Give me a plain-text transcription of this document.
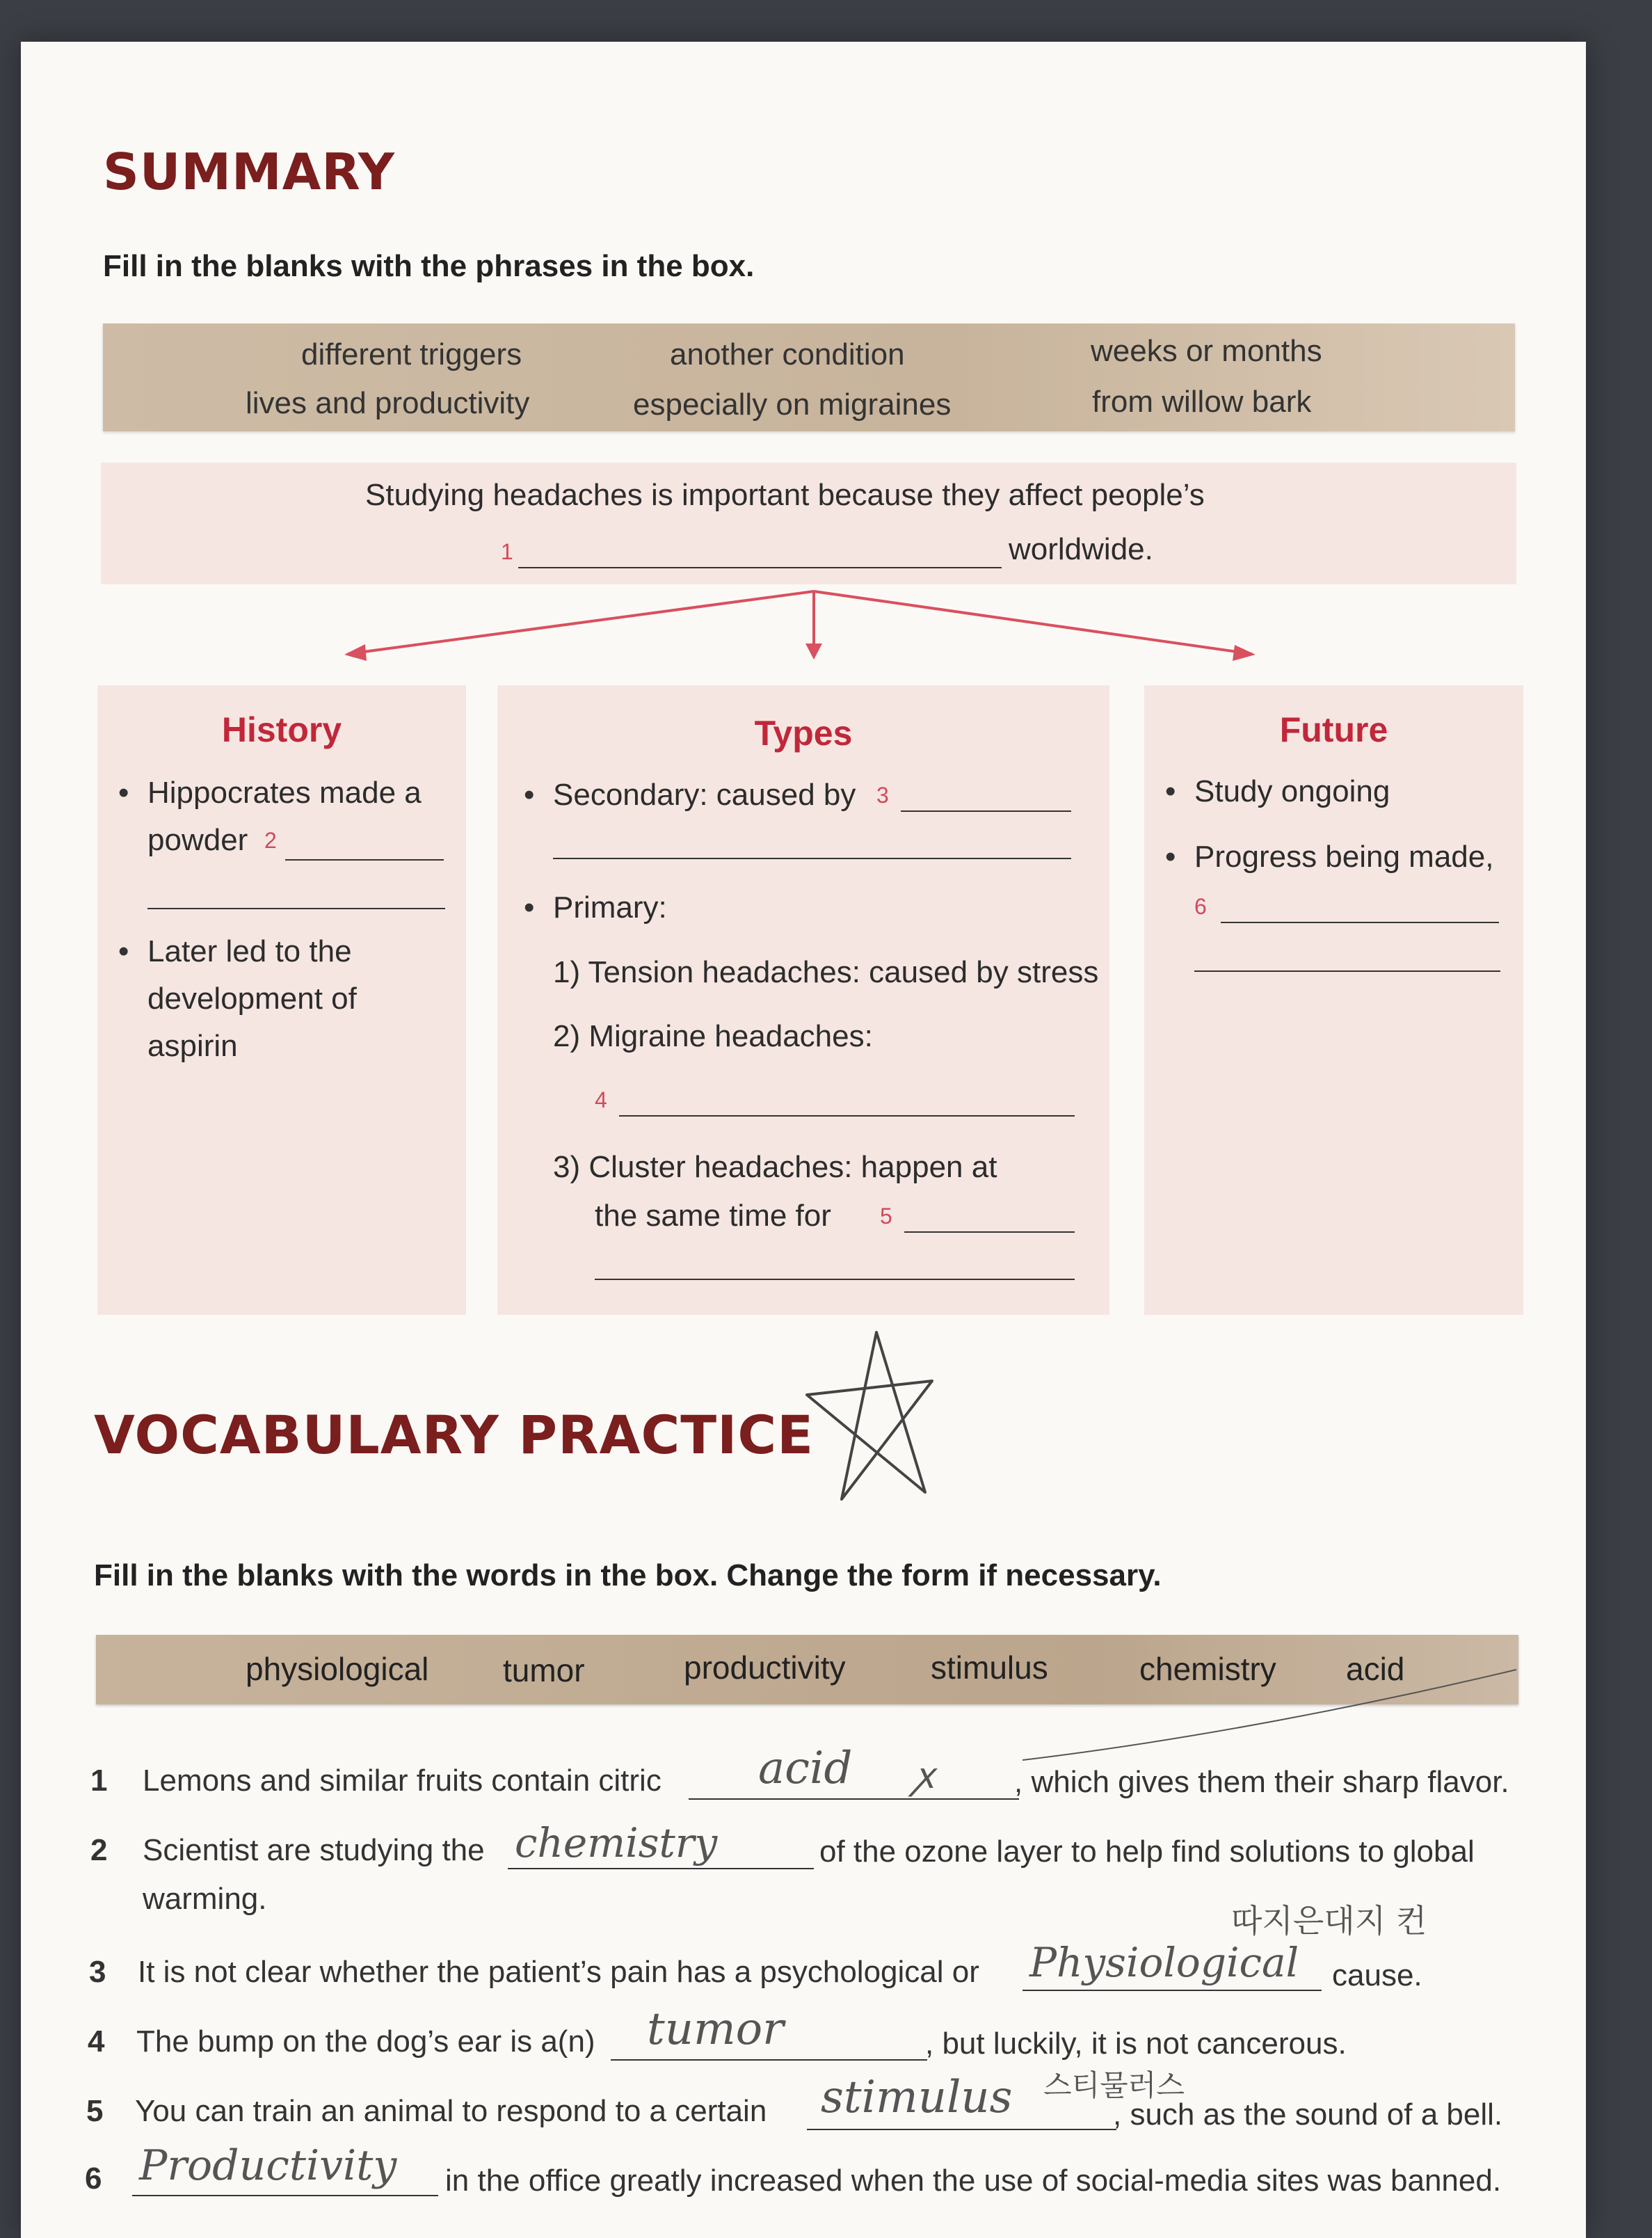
SUMMARY
Fill in the blanks with the phrases in the box.
different triggers	another condition	weeks or months
lives and productivity	especially on migraines	from willow bark
Studying headaches is important because they affect people’s
1	worldwide.
History
• Hippocrates made a
powder 2
• Later led to the
development of
aspirin
Types
• Secondary: caused by 3
• Primary:
1) Tension headaches: caused by stress
2) Migraine headaches:
4
3) Cluster headaches: happen at
the same time for 5
Future
• Study ongoing
• Progress being made,
6
VOCABULARY PRACTICE
Fill in the blanks with the words in the box. Change the form if necessary.
physiological tumor	productivity	stimulus	chemistry acid
1 Lemons and similar fruits contain citric acid ꭗ	, which gives them their sharp flavor.
2 Scientist are studying the chemistry	of the ozone layer to help find solutions to global
warming.
따지은대지 컨
3 It is not clear whether the patient’s pain has a psychological or Physiological cause.
4 The bump on the dog’s ear is a(n) tumor	, but luckily, it is not cancerous.
5 You can train an animal to respond to a certain stimulus 스티물러스
, such as the sound of a bell.
6 Productivity in the office greatly increased when the use of social-media sites was banned.
